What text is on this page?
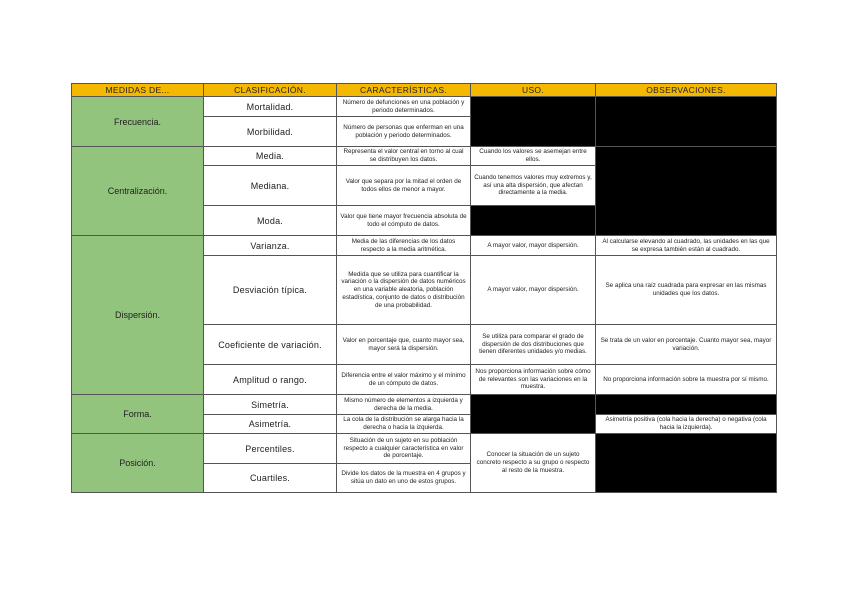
MEDIDAS DE...	CLASIFICACIÓN.	CARACTERÍSTICAS.	USO.	OBSERVACIONES.
Frecuencia.	Mortalidad.	Número de defunciones en una población y periodo determinados.		
	Morbilidad.	Número de personas que enferman en una población y periodo determinados.		
Centralización.	Media.	Representa el valor central en torno al cual se distribuyen los datos.	Cuando los valores se asemejan entre ellos.	
	Mediana.	Valor que separa por la mitad el orden de todos ellos de menor a mayor.	Cuando tenemos valores muy extremos y, así una alta dispersión, que afectan directamente a la media.	
	Moda.	Valor que tiene mayor frecuencia absoluta de todo el cómputo de datos.		
Dispersión.	Varianza.	Media de las diferencias de los datos respecto a la media aritmética.	A mayor valor, mayor dispersión.	Al calcularse elevando al cuadrado, las unidades en las que se expresa también están al cuadrado.
	Desviación típica.	Medida que se utiliza para cuantificar la variación o la dispersión de datos numéricos en una variable aleatoria, población estadística, conjunto de datos o distribución de una probabilidad.	A mayor valor, mayor dispersión.	Se aplica una raíz cuadrada para expresar en las mismas unidades que los datos.
	Coeficiente de variación.	Valor en porcentaje que, cuanto mayor sea, mayor será la dispersión.	Se utiliza para comparar el grado de dispersión de dos distribuciones que tienen diferentes unidades y/o medias.	Se trata de un valor en porcentaje. Cuanto mayor sea, mayor variación.
	Amplitud o rango.	Diferencia entre el valor máximo y el mínimo de un cómputo de datos.	Nos proporciona información sobre cómo de relevantes son las variaciones en la muestra.	No proporciona información sobre la muestra por sí mismo.
Forma.	Simetría.	Mismo número de elementos a izquierda y derecha de la media.		
	Asimetría.	La cola de la distribución se alarga hacia la derecha o hacia la izquierda.		Asimetría positiva (cola hacia la derecha) o negativa (cola hacia la izquierda).
Posición.	Percentiles.	Situación de un sujeto en su población respecto a cualquier característica en valor de porcentaje.	Conocer la situación de un sujeto concreto respecto a su grupo o respecto al resto de la muestra.	
	Cuartiles.	Divide los datos de la muestra en 4 grupos y sitúa un dato en uno de estos grupos.		
